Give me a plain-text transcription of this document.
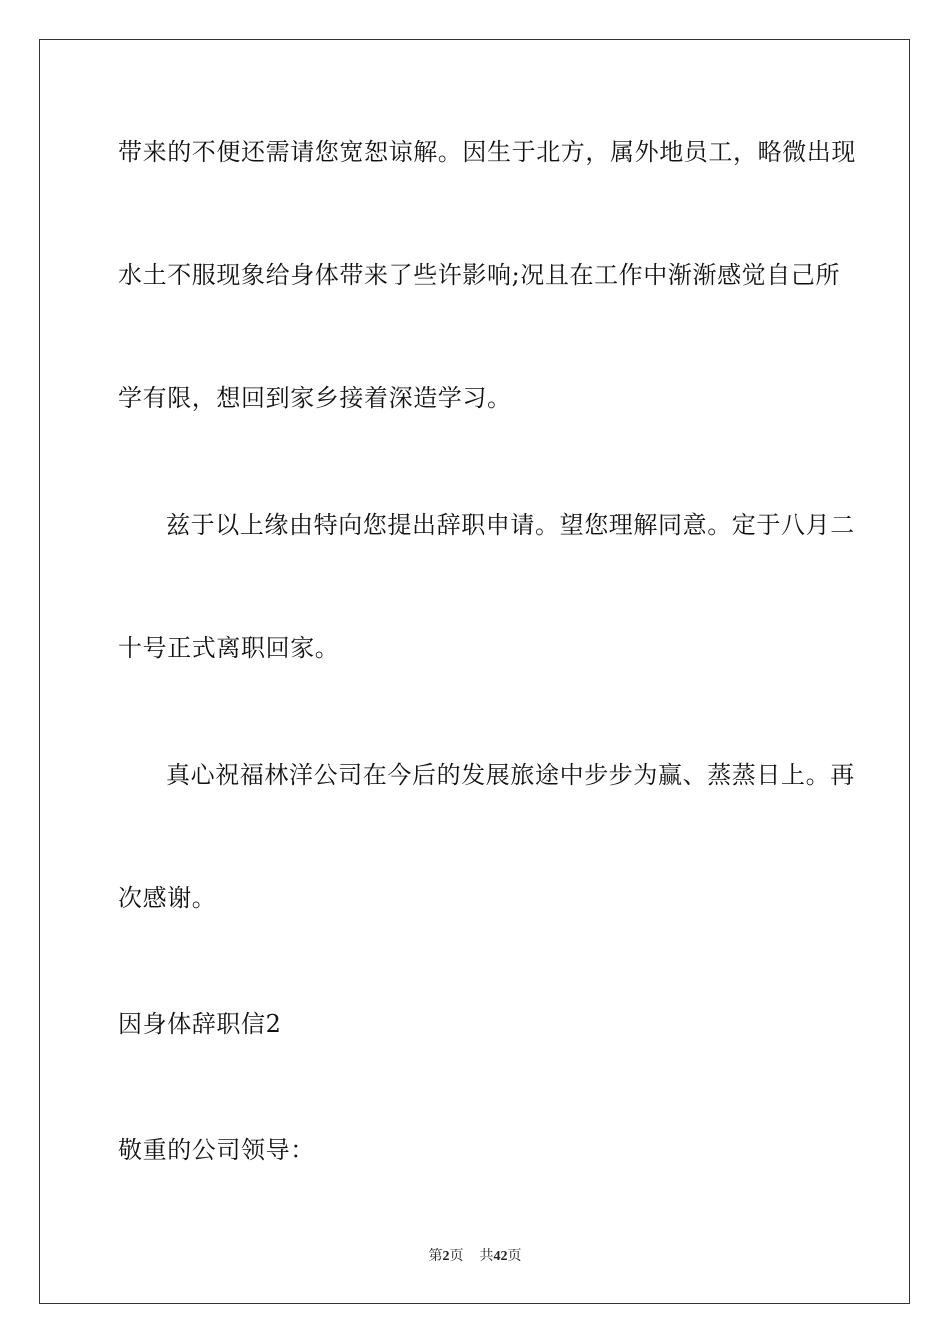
带来的不便还需请您宽恕谅解。因生于北方，属外地员工，略微出现
水土不服现象给身体带来了些许影响;况且在工作中渐渐感觉自己所
学有限，想回到家乡接着深造学习。
兹于以上缘由特向您提出辞职申请。望您理解同意。定于八月二
十号正式离职回家。
真心祝福林洋公司在今后的发展旅途中步步为赢、蒸蒸日上。再
次感谢。
因身体辞职信2
敬重的公司领导：
第2页 共42页
